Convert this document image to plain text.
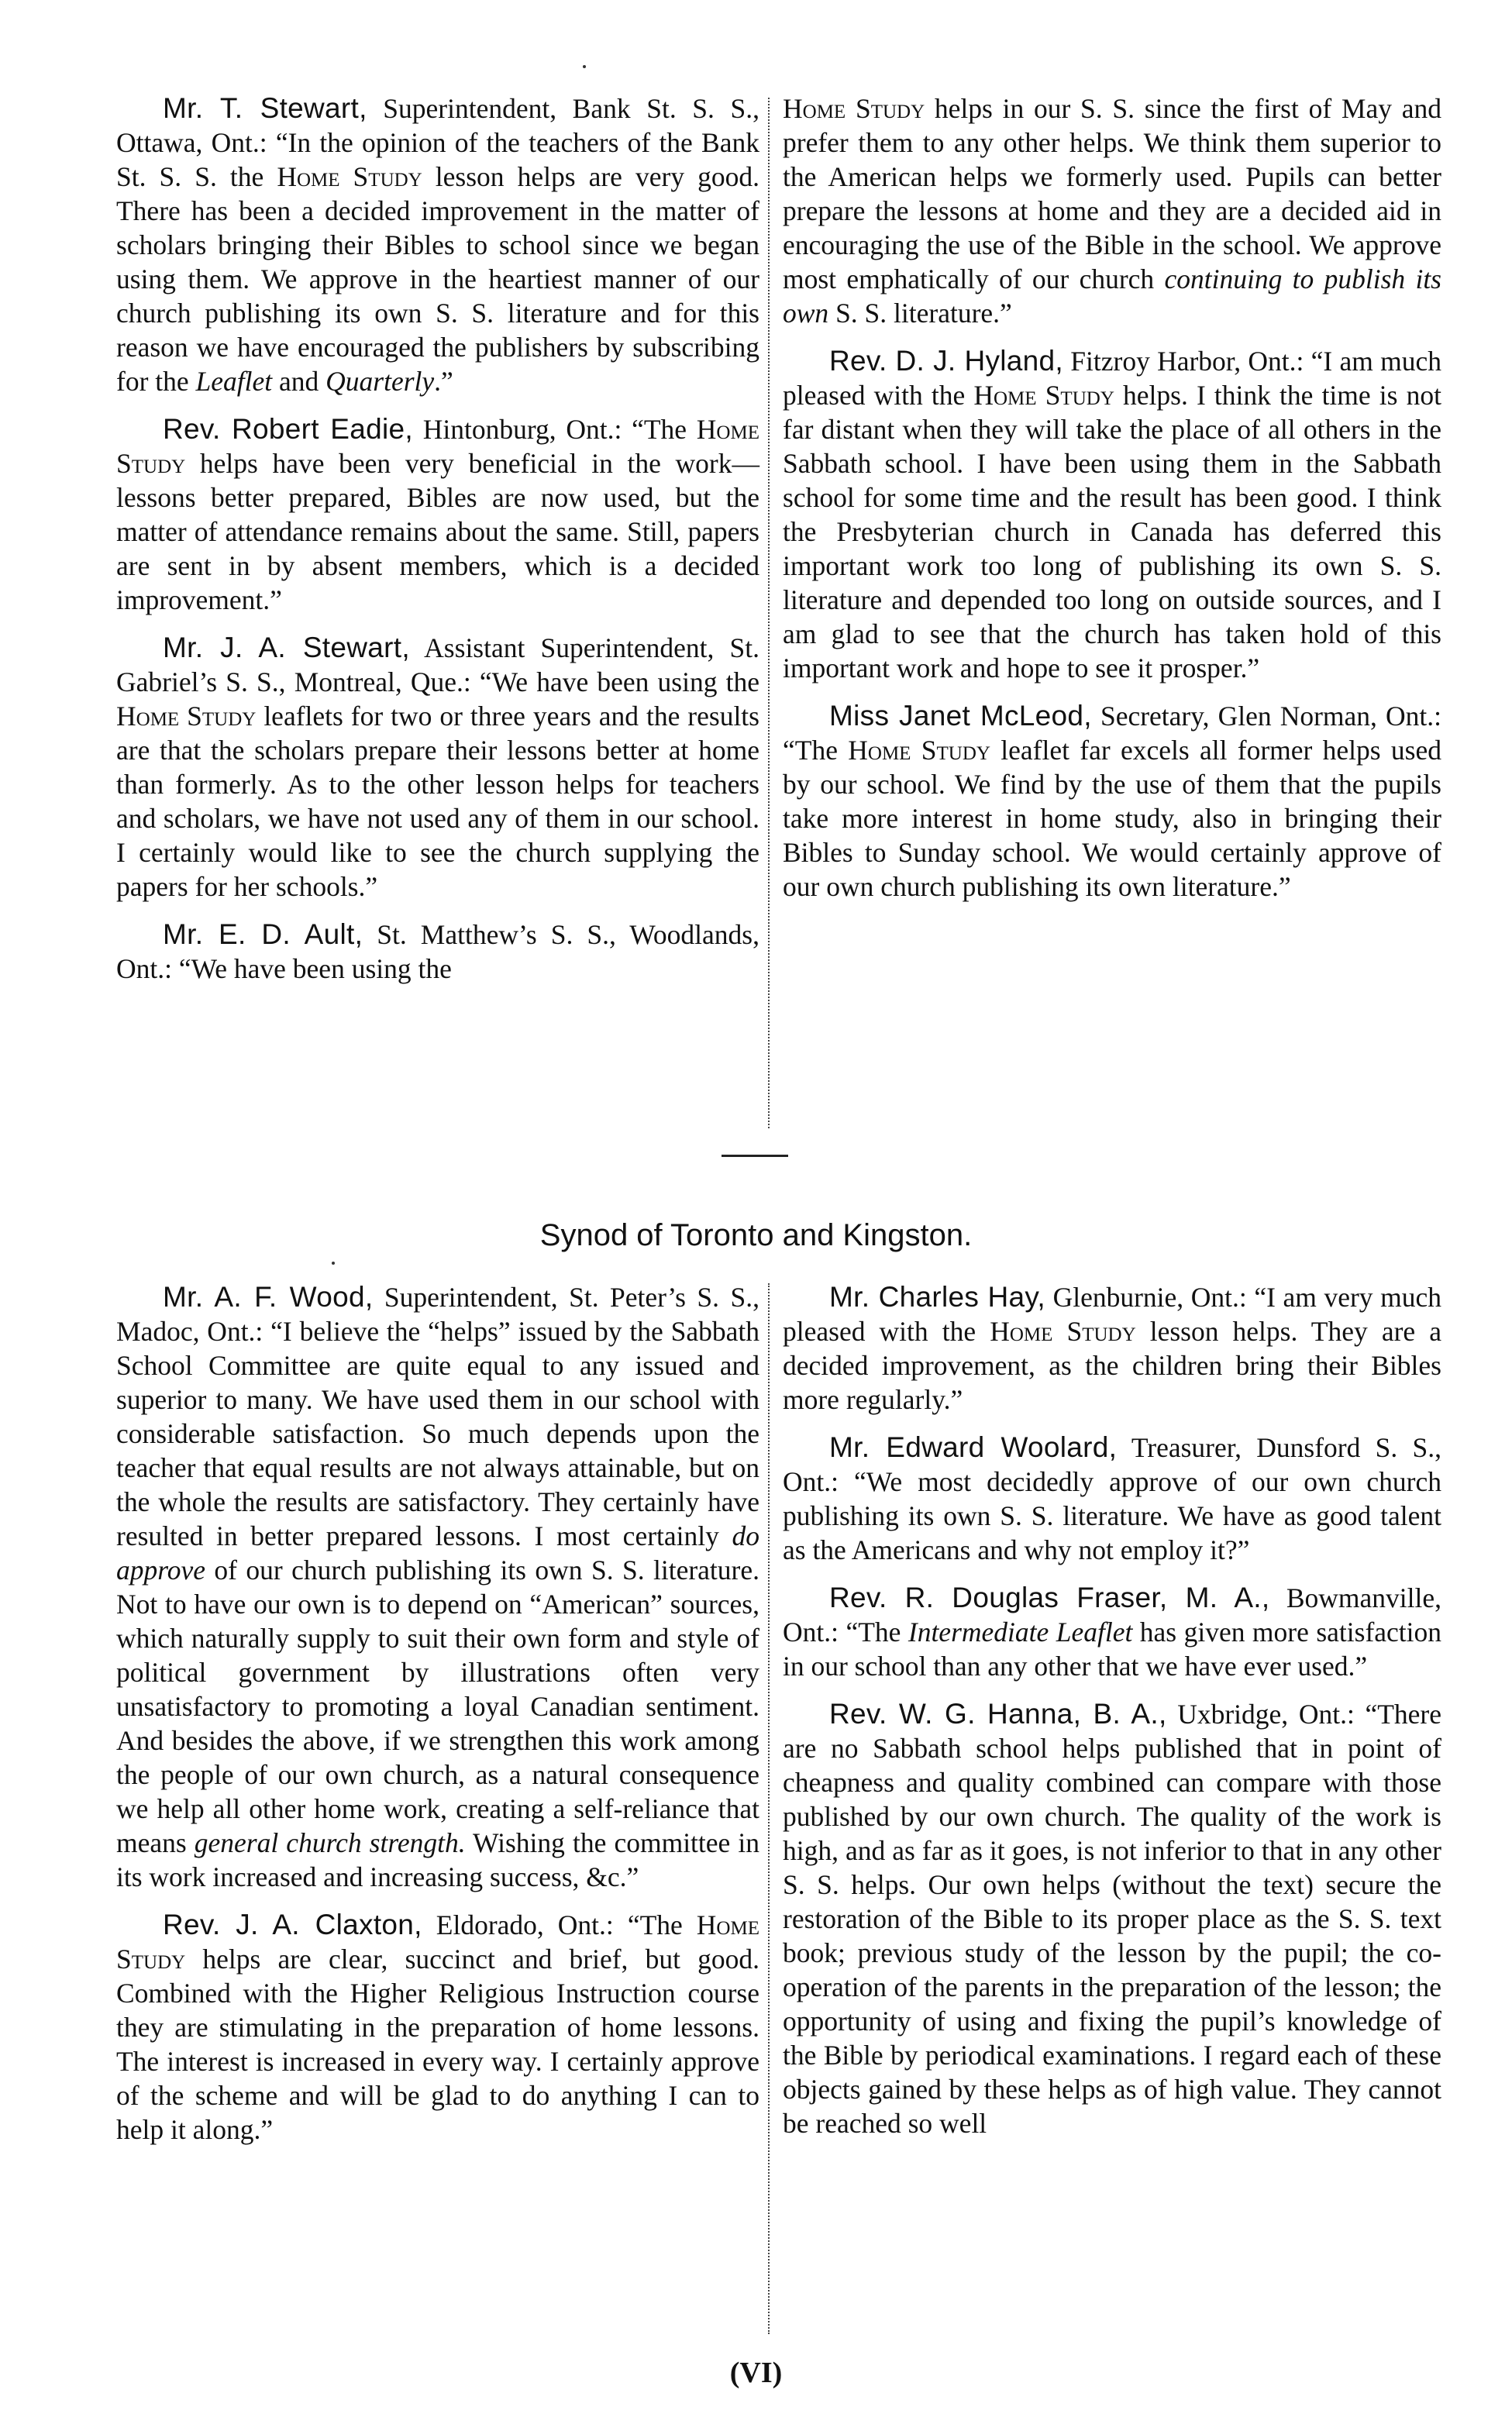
Mr. T. Stewart, Superintendent, Bank St. S. S., Ottawa, Ont.: “In the opinion of the teachers of the Bank St. S. S. the Home Study lesson helps are very good. There has been a decided improvement in the matter of scholars bringing their Bibles to school since we began using them. We approve in the heartiest manner of our church publishing its own S. S. literature and for this reason we have encouraged the publishers by subscribing for the Leaflet and Quarterly.”

Rev. Robert Eadie, Hintonburg, Ont.: “The Home Study helps have been very beneficial in the work—lessons better prepared, Bibles are now used, but the matter of attendance remains about the same. Still, papers are sent in by absent members, which is a decided improvement.”

Mr. J. A. Stewart, Assistant Superintendent, St. Gabriel’s S. S., Montreal, Que.: “We have been using the Home Study leaflets for two or three years and the results are that the scholars prepare their lessons better at home than formerly. As to the other lesson helps for teachers and scholars, we have not used any of them in our school. I certainly would like to see the church supplying the papers for her schools.”

Mr. E. D. Ault, St. Matthew’s S. S., Woodlands, Ont.: “We have been using the

Home Study helps in our S. S. since the first of May and prefer them to any other helps. We think them superior to the American helps we formerly used. Pupils can better prepare the lessons at home and they are a decided aid in encouraging the use of the Bible in the school. We approve most emphatically of our church continuing to publish its own S. S. literature.”

Rev. D. J. Hyland, Fitzroy Harbor, Ont.: “I am much pleased with the Home Study helps. I think the time is not far distant when they will take the place of all others in the Sabbath school. I have been using them in the Sabbath school for some time and the result has been good. I think the Presbyterian church in Canada has deferred this important work too long of publishing its own S. S. literature and depended too long on outside sources, and I am glad to see that the church has taken hold of this important work and hope to see it prosper.”

Miss Janet McLeod, Secretary, Glen Norman, Ont.: “The Home Study leaflet far excels all former helps used by our school. We find by the use of them that the pupils take more interest in home study, also in bringing their Bibles to Sunday school. We would certainly approve of our own church publishing its own literature.”

Synod of Toronto and Kingston.

Mr. A. F. Wood, Superintendent, St. Peter’s S. S., Madoc, Ont.: “I believe the “helps” issued by the Sabbath School Committee are quite equal to any issued and superior to many. We have used them in our school with considerable satisfaction. So much depends upon the teacher that equal results are not always attainable, but on the whole the results are satisfactory. They certainly have resulted in better prepared lessons. I most certainly do approve of our church publishing its own S. S. literature. Not to have our own is to depend on “American” sources, which naturally supply to suit their own form and style of political government by illustrations often very unsatisfactory to promoting a loyal Canadian sentiment. And besides the above, if we strengthen this work among the people of our own church, as a natural consequence we help all other home work, creating a self-reliance that means general church strength. Wishing the committee in its work increased and increasing success, &c.”

Rev. J. A. Claxton, Eldorado, Ont.: “The Home Study helps are clear, succinct and brief, but good. Combined with the Higher Religious Instruction course they are stimulating in the preparation of home lessons. The interest is increased in every way. I certainly approve of the scheme and will be glad to do anything I can to help it along.”

Mr. Charles Hay, Glenburnie, Ont.: “I am very much pleased with the Home Study lesson helps. They are a decided improvement, as the children bring their Bibles more regularly.”

Mr. Edward Woolard, Treasurer, Dunsford S. S., Ont.: “We most decidedly approve of our own church publishing its own S. S. literature. We have as good talent as the Americans and why not employ it?”

Rev. R. Douglas Fraser, M. A., Bowmanville, Ont.: “The Intermediate Leaflet has given more satisfaction in our school than any other that we have ever used.”

Rev. W. G. Hanna, B. A., Uxbridge, Ont.: “There are no Sabbath school helps published that in point of cheapness and quality combined can compare with those published by our own church. The quality of the work is high, and as far as it goes, is not inferior to that in any other S. S. helps. Our own helps (without the text) secure the restoration of the Bible to its proper place as the S. S. text book; previous study of the lesson by the pupil; the co-operation of the parents in the preparation of the lesson; the opportunity of using and fixing the pupil’s knowledge of the Bible by periodical examinations. I regard each of these objects gained by these helps as of high value. They cannot be reached so well

(VI)
